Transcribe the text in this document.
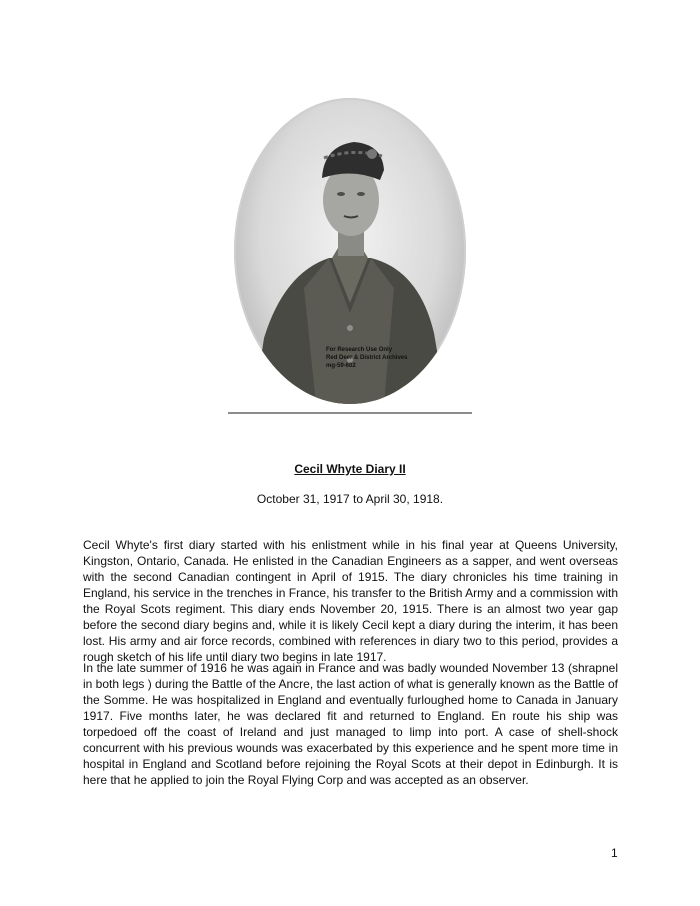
For Research Use Only
Red Deer & District Archives
mg-59-602
Cecil Whyte Diary II
October 31, 1917 to April 30, 1918.

Cecil Whyte's first diary started with his enlistment while in his final year at Queens University, Kingston, Ontario, Canada. He enlisted in the Canadian Engineers as a sapper, and went overseas with the second Canadian contingent in April of 1915. The diary chronicles his time training in England, his service in the trenches in France, his transfer to the British Army and a commission with the Royal Scots regiment. This diary ends November 20, 1915. There is an almost two year gap before the second diary begins and, while it is likely Cecil kept a diary during the interim, it has been lost. His army and air force records, combined with references in diary two to this period, provides a rough sketch of his life until diary two begins in late 1917.

In the late summer of 1916 he was again in France and was badly wounded November 13 (shrapnel in both legs ) during the Battle of the Ancre, the last action of what is generally known as the Battle of the Somme. He was hospitalized in England and eventually furloughed home to Canada in January 1917. Five months later, he was declared fit and returned to England. En route his ship was torpedoed off the coast of Ireland and just managed to limp into port. A case of shell-shock concurrent with his previous wounds was exacerbated by this experience and he spent more time in hospital in England and Scotland before rejoining the Royal Scots at their depot in Edinburgh. It is here that he applied to join the Royal Flying Corp and was accepted as an observer.

1
